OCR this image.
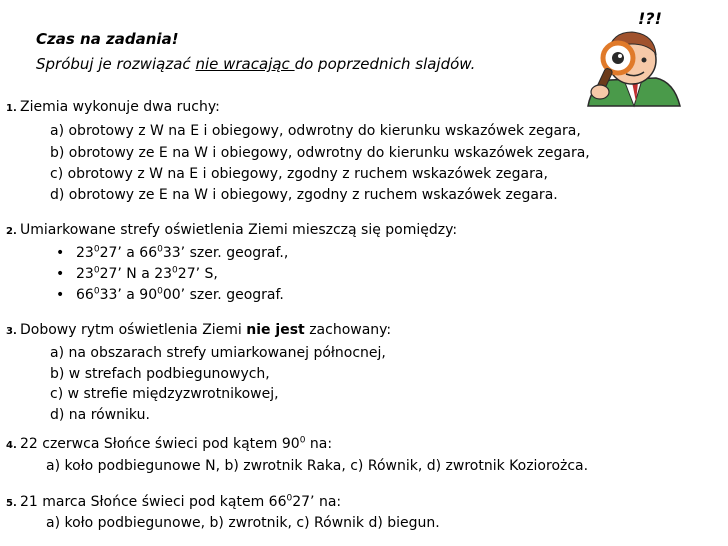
Czas na zadania!
Spróbuj je rozwiązać nie wracając do poprzednich slajdów.
!?!
1. Ziemia wykonuje dwa ruchy:
a) obrotowy z W na E i obiegowy, odwrotny do kierunku wskazówek zegara,
b) obrotowy ze E na W i obiegowy, odwrotny do kierunku wskazówek zegara,
c) obrotowy z W na E i obiegowy, zgodny z ruchem wskazówek zegara,
d) obrotowy ze E na W i obiegowy, zgodny z ruchem wskazówek zegara.
2. Umiarkowane strefy oświetlenia Ziemi mieszczą się pomiędzy:
• $23^027$’ a $66^033$’ szer. geograf.,
• $23^027$’ N a $23^027$’ S,
• $66^033$’ a $90^000$’ szer. geograf.
3. Dobowy rytm oświetlenia Ziemi nie jest zachowany:
a) na obszarach strefy umiarkowanej północnej,
b) w strefach podbiegunowych,
c) w strefie międzyzwrotnikowej,
d) na równiku.
4. 22 czerwca Słońce świeci pod kątem $90^0$ na:
a) koło podbiegunowe N, b) zwrotnik Raka, c) Równik, d) zwrotnik Koziorożca.
5. 21 marca Słońce świeci pod kątem $66^027$’ na:
a) koło podbiegunowe, b) zwrotnik, c) Równik d) biegun.
